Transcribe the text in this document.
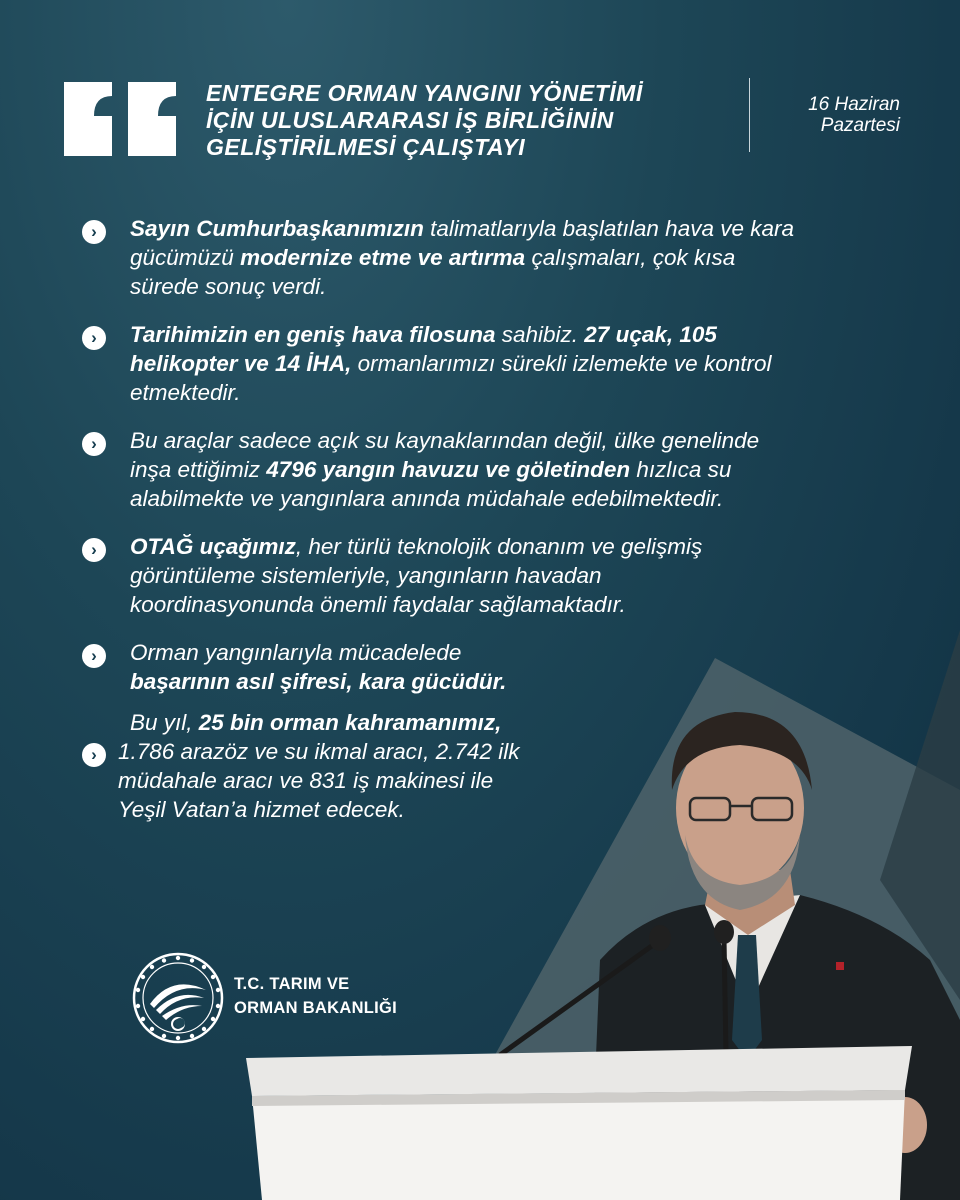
ENTEGRE ORMAN YANGINI YÖNETİMİ
İÇİN ULUSLARARASI İŞ BİRLİĞİNİN
GELİŞTİRİLMESİ ÇALIŞTAYI
16 Haziran
Pazartesi
›	Sayın Cumhurbaşkanımızın talimatlarıyla başlatılan hava ve kara
gücümüzü modernize etme ve artırma çalışmaları, çok kısa
sürede sonuç verdi.
›	Tarihimizin en geniş hava filosuna sahibiz. 27 uçak, 105
helikopter ve 14 İHA, ormanlarımızı sürekli izlemekte ve kontrol
etmektedir.
›	Bu araçlar sadece açık su kaynaklarından değil, ülke genelinde
inşa ettiğimiz 4796 yangın havuzu ve göletinden hızlıca su
alabilmekte ve yangınlara anında müdahale edebilmektedir.
›	OTAĞ uçağımız, her türlü teknolojik donanım ve gelişmiş
görüntüleme sistemleriyle, yangınların havadan
koordinasyonunda önemli faydalar sağlamaktadır.
›	Orman yangınlarıyla mücadelede
başarının asıl şifresi, kara gücüdür.
›
Bu yıl, 25 bin orman kahramanımız,
1.786 arazöz ve su ikmal aracı, 2.742 ilk
müdahale aracı ve 831 iş makinesi ile
Yeşil Vatan’a hizmet edecek.
T.C. TARIM VE
ORMAN BAKANLIĞI
